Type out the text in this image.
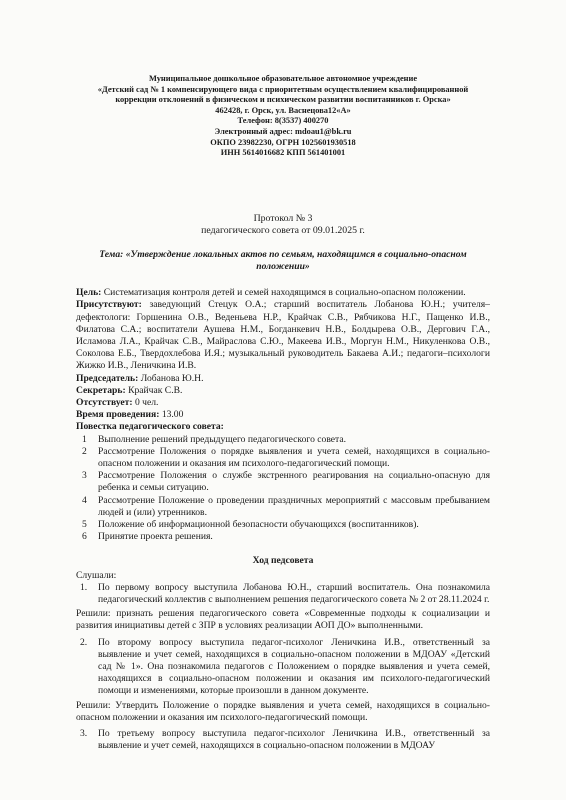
Муниципальное дошкольное образовательное автономное учреждение
«Детский сад № 1 компенсирующего вида с приоритетным осуществлением квалифицированной
коррекции отклонений в физическом и психическом развитии воспитанников г. Орска»
462428, г. Орск, ул. Васнецова12«А»
Телефон: 8(3537) 400270
Электронный адрес: mdoau1@bk.ru
ОКПО 23982230, ОГРН 1025601930518
ИНН 5614016682 КПП 561401001
Протокол № 3
педагогического совета от 09.01.2025 г.
Тема: «Утверждение локальных актов по семьям, находящимся в социально-опасном положении»

Цель: Систематизация контроля детей и семей находящимся в социально-опасном положении.

Присутствуют: заведующий Стецук О.А.; старший воспитатель Лобанова Ю.Н.; учителя–дефектологи: Горшенина О.В., Веденьева Н.Р., Крайчак С.В., Рябчикова Н.Г., Пащенко И.В., Филатова С.А.; воспитатели Аушева Н.М., Богданкевич Н.В., Болдырева О.В., Дергович Г.А., Исламова Л.А., Крайчак С.В., Майраслова С.Ю., Макеева И.В., Моргун Н.М., Никуленкова О.В., Соколова Е.Б., Твердохлебова И.Я.; музыкальный руководитель Бакаева А.И.; педагоги–психологи Жижко И.В., Леничкина И.В.

Председатель: Лобанова Ю.Н.

Секретарь: Крайчак С.В.

Отсутствует: 0 чел.

Время проведения: 13.00

Повестка педагогического совета:

1	Выполнение решений предыдущего педагогического совета.
2	Рассмотрение Положения о порядке выявления и учета семей, находящихся в социально-опасном положении и оказания им психолого-педагогический помощи.
3	Рассмотрение Положения о службе экстренного реагирования на социально-опасную для ребенка и семьи ситуацию.
4	Рассмотрение Положение о проведении праздничных мероприятий с массовым пребыванием людей и (или) утренников.
5	Положение об информационной безопасности обучающихся (воспитанников).
6	Принятие проекта решения.
Ход педсовета

Слушали:

1.	По первому вопросу выступила Лобанова Ю.Н., старший воспитатель. Она познакомила педагогический коллектив с выполнением решения педагогического совета № 2 от 28.11.2024 г.

Решили: признать решения педагогического совета «Современные подходы к социализации и развития инициативы детей с ЗПР в условиях реализации АОП ДО» выполненными.

2.	По второму вопросу выступила педагог-психолог Леничкина И.В., ответственный за выявление и учет семей, находящихся в социально-опасном положении в МДОАУ «Детский сад № 1». Она познакомила педагогов с Положением о порядке выявления и учета семей, находящихся в социально-опасном положении и оказания им психолого-педагогический помощи и изменениями, которые произошли в данном документе.

Решили: Утвердить Положение о порядке выявления и учета семей, находящихся в социально-опасном положении и оказания им психолого-педагогический помощи.

3.	По третьему вопросу выступила педагог-психолог Леничкина И.В., ответственный за выявление и учет семей, находящихся в социально-опасном положении в МДОАУ
